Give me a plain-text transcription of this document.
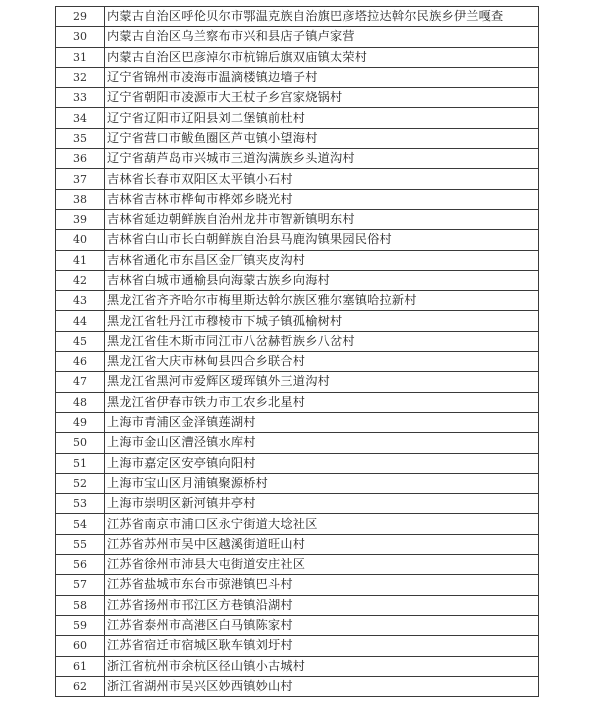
29	内蒙古自治区呼伦贝尔市鄂温克族自治旗巴彦塔拉达斡尔民族乡伊兰嘎查
30	内蒙古自治区乌兰察布市兴和县店子镇卢家营
31	内蒙古自治区巴彦淖尔市杭锦后旗双庙镇太荣村
32	辽宁省锦州市凌海市温滴楼镇边墙子村
33	辽宁省朝阳市凌源市大王杖子乡宫家烧锅村
34	辽宁省辽阳市辽阳县刘二堡镇前杜村
35	辽宁省营口市鲅鱼圈区芦屯镇小望海村
36	辽宁省葫芦岛市兴城市三道沟满族乡头道沟村
37	吉林省长春市双阳区太平镇小石村
38	吉林省吉林市桦甸市桦郊乡晓光村
39	吉林省延边朝鲜族自治州龙井市智新镇明东村
40	吉林省白山市长白朝鲜族自治县马鹿沟镇果园民俗村
41	吉林省通化市东昌区金厂镇夹皮沟村
42	吉林省白城市通榆县向海蒙古族乡向海村
43	黑龙江省齐齐哈尔市梅里斯达斡尔族区雅尔塞镇哈拉新村
44	黑龙江省牡丹江市穆棱市下城子镇孤榆树村
45	黑龙江省佳木斯市同江市八岔赫哲族乡八岔村
46	黑龙江省大庆市林甸县四合乡联合村
47	黑龙江省黑河市爱辉区瑷珲镇外三道沟村
48	黑龙江省伊春市铁力市工农乡北星村
49	上海市青浦区金泽镇莲湖村
50	上海市金山区漕泾镇水库村
51	上海市嘉定区安亭镇向阳村
52	上海市宝山区月浦镇聚源桥村
53	上海市崇明区新河镇井亭村
54	江苏省南京市浦口区永宁街道大埝社区
55	江苏省苏州市吴中区越溪街道旺山村
56	江苏省徐州市沛县大屯街道安庄社区
57	江苏省盐城市东台市弶港镇巴斗村
58	江苏省扬州市邗江区方巷镇沿湖村
59	江苏省泰州市高港区白马镇陈家村
60	江苏省宿迁市宿城区耿车镇刘圩村
61	浙江省杭州市余杭区径山镇小古城村
62	浙江省湖州市吴兴区妙西镇妙山村
